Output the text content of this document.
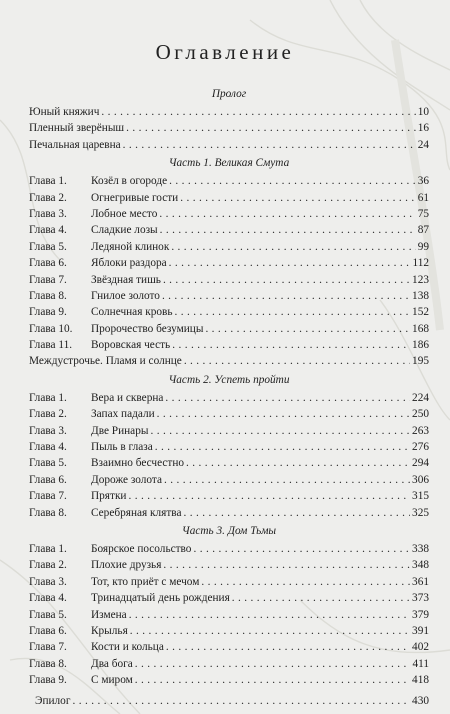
Оглавление
Пролог
Юный княжич . . .	10
Пленный зверёныш . . .	16
Печальная царевна . . .	24
Часть 1. Великая Смута
Глава 1.	Козёл в огороде . . .	36
Глава 2.	Огнегривые гости . . .	61
Глава 3.	Лобное место . . .	75
Глава 4.	Сладкие лозы . . .	87
Глава 5.	Ледяной клинок . . .	99
Глава 6.	Яблоки раздора . . .	112
Глава 7.	Звёздная тишь . . .	123
Глава 8.	Гнилое золото . . .	138
Глава 9.	Солнечная кровь . . .	152
Глава 10.	Пророчество безумицы . . .	168
Глава 11.	Воровская честь . . .	186
Междустрочье. Пламя и солнце . . .	195
Часть 2. Успеть пройти
Глава 1.	Вера и скверна . . .	224
Глава 2.	Запах падали . . .	250
Глава 3.	Две Ринары . . .	263
Глава 4.	Пыль в глаза . . .	276
Глава 5.	Взаимно бесчестно . . .	294
Глава 6.	Дороже золота . . .	306
Глава 7.	Прятки . . .	315
Глава 8.	Серебряная клятва . . .	325
Часть 3. Дом Тьмы
Глава 1.	Боярское посольство . . .	338
Глава 2.	Плохие друзья . . .	348
Глава 3.	Тот, кто приёт с мечом . . .	361
Глава 4.	Тринадцатый день рождения . . .	373
Глава 5.	Измена . . .	379
Глава 6.	Крылья . . .	391
Глава 7.	Кости и кольца . . .	402
Глава 8.	Два бога . . .	411
Глава 9.	С миром . . .	418
Эпилог . . .	430
